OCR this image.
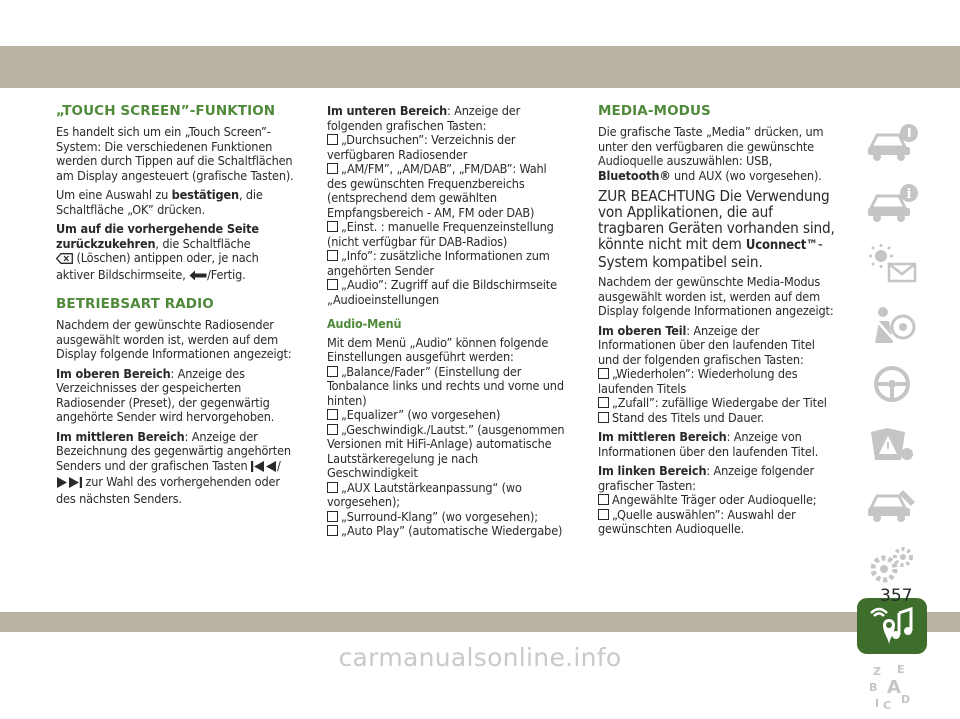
carmanualsonline.info
„TOUCH SCREEN”-FUNKTION

Es handelt sich um ein „Touch Screen”-System: Die verschiedenen Funktionen werden durch Tippen auf die Schaltflächen am Display angesteuert (grafische Tasten).

Um eine Auswahl zu bestätigen, die Schaltfläche „OK” drücken.

Um auf die vorhergehende Seite zurückzukehren, die Schaltfläche
(Löschen) antippen oder, je nach aktiver Bildschirmseite, /Fertig.

BETRIEBSART RADIO

Nachdem der gewünschte Radiosender ausgewählt worden ist, werden auf dem Display folgende Informationen angezeigt:

Im oberen Bereich: Anzeige des Verzeichnisses der gespeicherten Radiosender (Preset), der gegenwärtig angehörte Sender wird hervorgehoben.

Im mittleren Bereich: Anzeige der Bezeichnung des gegenwärtig angehörten Senders und der grafischen Tasten /
zur Wahl des vorhergehenden oder des nächsten Senders.

Im unteren Bereich: Anzeige der folgenden grafischen Tasten:

„Durchsuchen”: Verzeichnis der verfügbaren Radiosender
„AM/FM”, „AM/DAB”, „FM/DAB”: Wahl des gewünschten Frequenzbereichs (entsprechend dem gewählten Empfangsbereich - AM, FM oder DAB)
„Einst. : manuelle Frequenzeinstellung (nicht verfügbar für DAB-Radios)
„Info”: zusätzliche Informationen zum angehörten Sender
„Audio”: Zugriff auf die Bildschirmseite „Audioeinstellungen
Audio-Menü

Mit dem Menü „Audio” können folgende Einstellungen ausgeführt werden:

„Balance/Fader” (Einstellung der Tonbalance links und rechts und vorne und hinten)
„Equalizer” (wo vorgesehen)
„Geschwindigk./Lautst.” (ausgenommen Versionen mit HiFi-Anlage) automatische Lautstärkeregelung je nach Geschwindigkeit
„AUX Lautstärkeanpassung“ (wo vorgesehen);
„Surround-Klang” (wo vorgesehen);
„Auto Play” (automatische Wiedergabe)
MEDIA-MODUS

Die grafische Taste „Media” drücken, um unter den verfügbaren die gewünschte Audioquelle auszuwählen: USB, Bluetooth® und AUX (wo vorgesehen).

ZUR BEACHTUNG Die Verwendung von Applikationen, die auf tragbaren Geräten vorhanden sind, könnte nicht mit dem Uconnect™-System kompatibel sein.

Nachdem der gewünschte Media-Modus ausgewählt worden ist, werden auf dem Display folgende Informationen angezeigt:

Im oberen Teil: Anzeige der Informationen über den laufenden Titel und der folgenden grafischen Tasten:

„Wiederholen”: Wiederholung des laufenden Titels
„Zufall”: zufällige Wiedergabe der Titel
Stand des Titels und Dauer.

Im mittleren Bereich: Anzeige von Informationen über den laufenden Titel.

Im linken Bereich: Anzeige folgender grafischer Tasten:

Angewählte Träger oder Audioquelle;
„Quelle auswählen”: Auswahl der gewünschten Audioquelle.
i
Z E
B A
I C D
357
